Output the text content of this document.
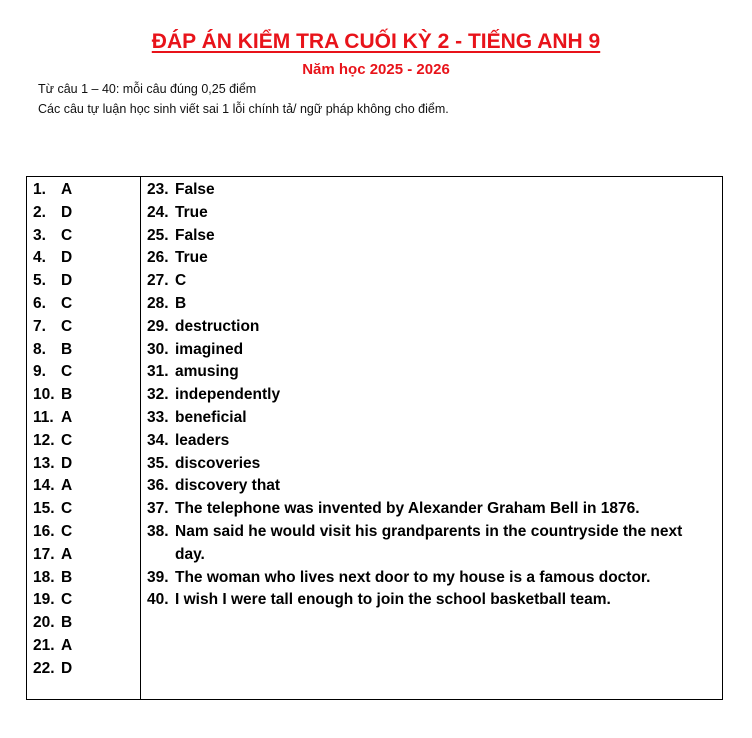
ĐÁP ÁN KIỂM TRA CUỐI KỲ 2 - TIẾNG ANH 9
Năm học 2025 - 2026
Từ câu 1 – 40: mỗi câu đúng 0,25 điểm
Các câu tự luận học sinh viết sai 1 lỗi chính tả/ ngữ pháp không cho điểm.
1. A
2. D
3. C
4. D
5. D
6. C
7. C
8. B
9. C
10. B
11. A
12. C
13. D
14. A
15. C
16. C
17. A
18. B
19. C
20. B
21. A
22. D

23. False
24. True
25. False
26. True
27. C
28. B
29. destruction
30. imagined
31. amusing
32. independently
33. beneficial
34. leaders
35. discoveries
36. discovery that
37. The telephone was invented by Alexander Graham Bell in 1876.
38. Nam said he would visit his grandparents in the countryside the next day.
39. The woman who lives next door to my house is a famous doctor.
40. I wish I were tall enough to join the school basketball team.
